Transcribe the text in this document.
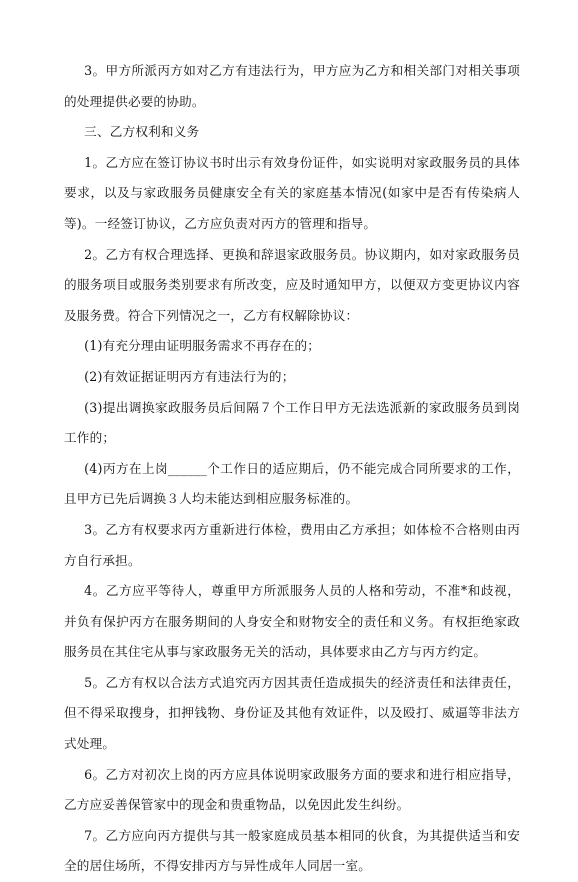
3。甲方所派丙方如对乙方有违法行为，甲方应为乙方和相关部门对相关事项的处理提供必要的协助。

三、乙方权利和义务

1。乙方应在签订协议书时出示有效身份证件，如实说明对家政服务员的具体要求，以及与家政服务员健康安全有关的家庭基本情况(如家中是否有传染病人等)。一经签订协议，乙方应负责对丙方的管理和指导。

2。乙方有权合理选择、更换和辞退家政服务员。协议期内，如对家政服务员的服务项目或服务类别要求有所改变，应及时通知甲方，以便双方变更协议内容及服务费。符合下列情况之一，乙方有权解除协议：

(1)有充分理由证明服务需求不再存在的；

(2)有效证据证明丙方有违法行为的；

(3)提出调换家政服务员后间隔７个工作日甲方无法选派新的家政服务员到岗工作的；

(4)丙方在上岗______个工作日的适应期后，仍不能完成合同所要求的工作，且甲方已先后调换３人均未能达到相应服务标准的。

3。乙方有权要求丙方重新进行体检，费用由乙方承担；如体检不合格则由丙方自行承担。

4。乙方应平等待人，尊重甲方所派服务人员的人格和劳动，不准*和歧视，并负有保护丙方在服务期间的人身安全和财物安全的责任和义务。有权拒绝家政服务员在其住宅从事与家政服务无关的活动，具体要求由乙方与丙方约定。

5。乙方有权以合法方式追究丙方因其责任造成损失的经济责任和法律责任，但不得采取搜身，扣押钱物、身份证及其他有效证件，以及殴打、威逼等非法方式处理。

6。乙方对初次上岗的丙方应具体说明家政服务方面的要求和进行相应指导，乙方应妥善保管家中的现金和贵重物品，以免因此发生纠纷。

7。乙方应向丙方提供与其一般家庭成员基本相同的伙食，为其提供适当和安全的居住场所，不得安排丙方与异性成年人同居一室。
